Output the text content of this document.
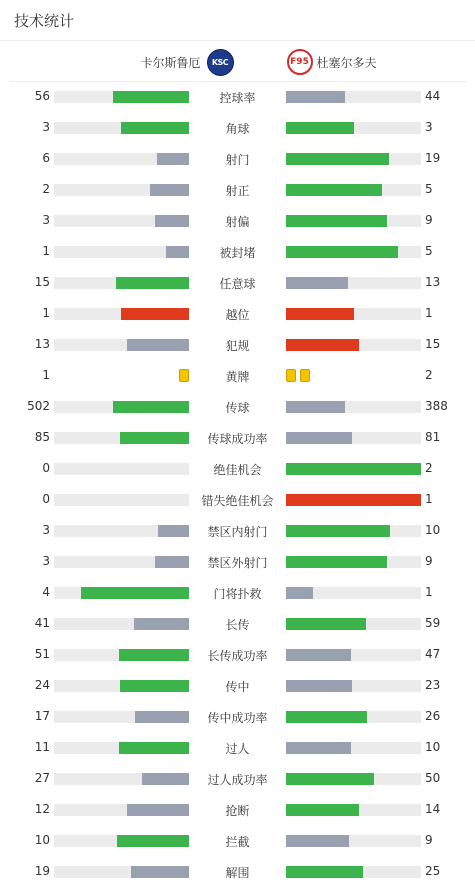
技术统计
卡尔斯鲁厄 KSC	F95 杜塞尔多夫
56	控球率	44
3	角球	3
6	射门	19
2	射正	5
3	射偏	9
1	被封堵	5
15	任意球	13
1	越位	1
13	犯规	15
1	黄牌	2
502	传球	388
85	传球成功率	81
0	绝佳机会	2
0	错失绝佳机会	1
3	禁区内射门	10
3	禁区外射门	9
4	门将扑救	1
41	长传	59
51	长传成功率	47
24	传中	23
17	传中成功率	26
11	过人	10
27	过人成功率	50
12	抢断	14
10	拦截	9
19	解围	25
